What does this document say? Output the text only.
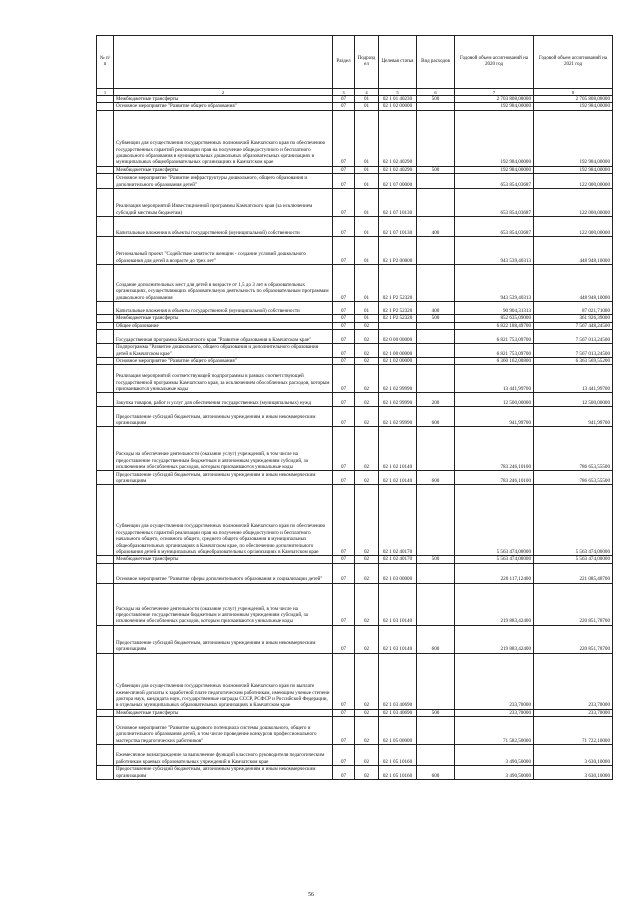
№ п/п		Раздел	Подраздел	Целевая статья	Вид расходов	Годовой объем ассигнований на 2020 год	Годовой объем ассигнований на 2021 год
1	2	3	4	5	6	7	8
	Межбюджетные трансферты	07	01	02 1 01 40230	500	2 703 808,00000	2 705 808,00000
	Основное мероприятие "Развитие общего образования"	07	01	02 1 02 00000		192 984,00000	192 984,00000
	Субвенции для осуществления государственных полномочий Камчатского края по обеспечению государственных гарантий реализации прав на получение общедоступного и бесплатного дошкольного образования в муниципальных дошкольных образовательных организациях и муниципальных общеобразовательных организациях в Камчатском крае	07	01	02 1 02 40290		192 984,00000	192 984,00000
	Межбюджетные трансферты	07	01	02 1 02 40290	500	192 984,00000	192 984,00000
	Основное мероприятие "Развитие инфраструктуры дошкольного, общего образования и дополнительного образования детей"	07	01	02 1 07 00000		653 854,03687	122 000,00000
	Реализация мероприятий Инвестиционной программы Камчатского края (за исключением субсидий местным бюджетам)	07	01	02 1 07 10130		653 854,03687	122 000,00000
	Капитальные вложения в объекты государственной (муниципальной) собственности	07	01	02 1 07 10130	400	653 854,03687	122 000,00000
	Региональный проект "Содействие занятости женщин - создание условий дошкольного образования для детей в возрасте до трех лет"	07	01	02 1 P2 00000		943 539,40313	448 948,10000
	Создание дополнительных мест для детей в возрасте от 1,5 до 3 лет в образовательных организациях, осуществляющих образовательную деятельность по образовательным программам дошкольного образования	07	01	02 1 P2 52320		943 539,40313	448 948,10000
	Капитальные вложения в объекты государственной (муниципальной) собственности	07	01	02 1 P2 52320	400	90 904,31313	87 021,71000
	Межбюджетные трансферты	07	01	02 1 P2 52320	500	852 635,09000	361 926,39000
	Общее образование	07	02			6 822 188,49700	7 567 448,24500
	Государственная программа Камчатского края "Развитие образования в Камчатском крае"	07	02	02 0 00 00000		6 821 753,09700	7 567 013,24500
	Подпрограмма "Развитие дошкольного, общего образования и дополнительного образования детей в Камчатском крае"	07	02	02 1 00 00000		6 821 753,09700	7 567 013,24500
	Основное мероприятие "Развитие общего образования"	07	02	02 1 02 00000		6 360 162,00800	6 363 569,55200
	Реализация мероприятий соответствующей подпрограммы в рамках соответствующей государственной программы Камчатского края, за исключением обособленных расходов, которым присваиваются уникальные коды	07	02	02 1 02 99990		13 441,99700	13 441,99700
	Закупка товаров, работ и услуг для обеспечения государственных (муниципальных) нужд	07	02	02 1 02 99990	200	12 500,00000	12 500,00000
	Предоставление субсидий бюджетным, автономным учреждениям и иным некоммерческим организациям	07	02	02 1 02 99990	600	941,99700	941,99700
	Расходы на обеспечение деятельности (оказание услуг) учреждений, в том числе на предоставление государственным бюджетным и автономным учреждениям субсидий, за исключением обособленных расходов, которым присваиваются уникальные коды	07	02	02 1 02 10140		783 246,10100	786 653,55500
	Предоставление субсидий бюджетным, автономным учреждениям и иным некоммерческим организациям	07	02	02 1 02 10140	600	783 246,10100	786 653,55500
	Субвенции для осуществления государственных полномочий Камчатского края по обеспечению государственных гарантий реализации прав на получение общедоступного и бесплатного начального общего, основного общего, среднего общего образования в муниципальных общеобразовательных организациях в Камчатском крае, по обеспечению дополнительного образования детей в муниципальных общеобразовательных организациях в Камчатском крае	07	02	02 1 02 40170		5 563 474,00000	5 563 474,00000
	Межбюджетные трансферты	07	02	02 1 02 40170	500	5 563 474,00000	5 563 474,00000
	Основное мероприятие "Развитие сферы дополнительного образования и социализации детей"	07	02	02 1 03 00000		220 117,12400	221 085,48700
	Расходы на обеспечение деятельности (оказание услуг) учреждений, в том числе на предоставление государственным бюджетным и автономным учреждениям субсидий, за исключением обособленных расходов, которым присваиваются уникальные коды	07	02	02 1 03 10140		219 883,42400	220 851,78700
	Предоставление субсидий бюджетным, автономным учреждениям и иным некоммерческим организациям	07	02	02 1 03 10140	600	219 883,42400	220 851,78700
	Субвенции для осуществления государственных полномочий Камчатского края по выплате ежемесячной доплаты к заработной плате педагогическим работникам, имеющим ученые степени доктора наук, кандидата наук, государственные награды СССР, РСФСР и Российской Федерации, в отдельных муниципальных образовательных организациях в Камчатском крае	07	02	02 1 03 40690		233,70000	233,70000
	Межбюджетные трансферты	07	02	02 1 03 40690	500	233,70000	233,70000
	Основное мероприятие "Развитие кадрового потенциала системы дошкольного, общего и дополнительного образования детей, в том числе проведение конкурсов профессионального мастерства педагогических работников"	07	02	02 1 05 00000		71 582,50000	71 722,10000
	Ежемесячное вознаграждение за выполнение функций классного руководителя педагогическим работникам краевых образовательных учреждений в Камчатском крае	07	02	02 1 05 10160		3 490,50000	3 630,10000
	Предоставление субсидий бюджетным, автономным учреждениям и иным некоммерческим организациям	07	02	02 1 05 10160	600	3 490,50000	3 630,10000
56
